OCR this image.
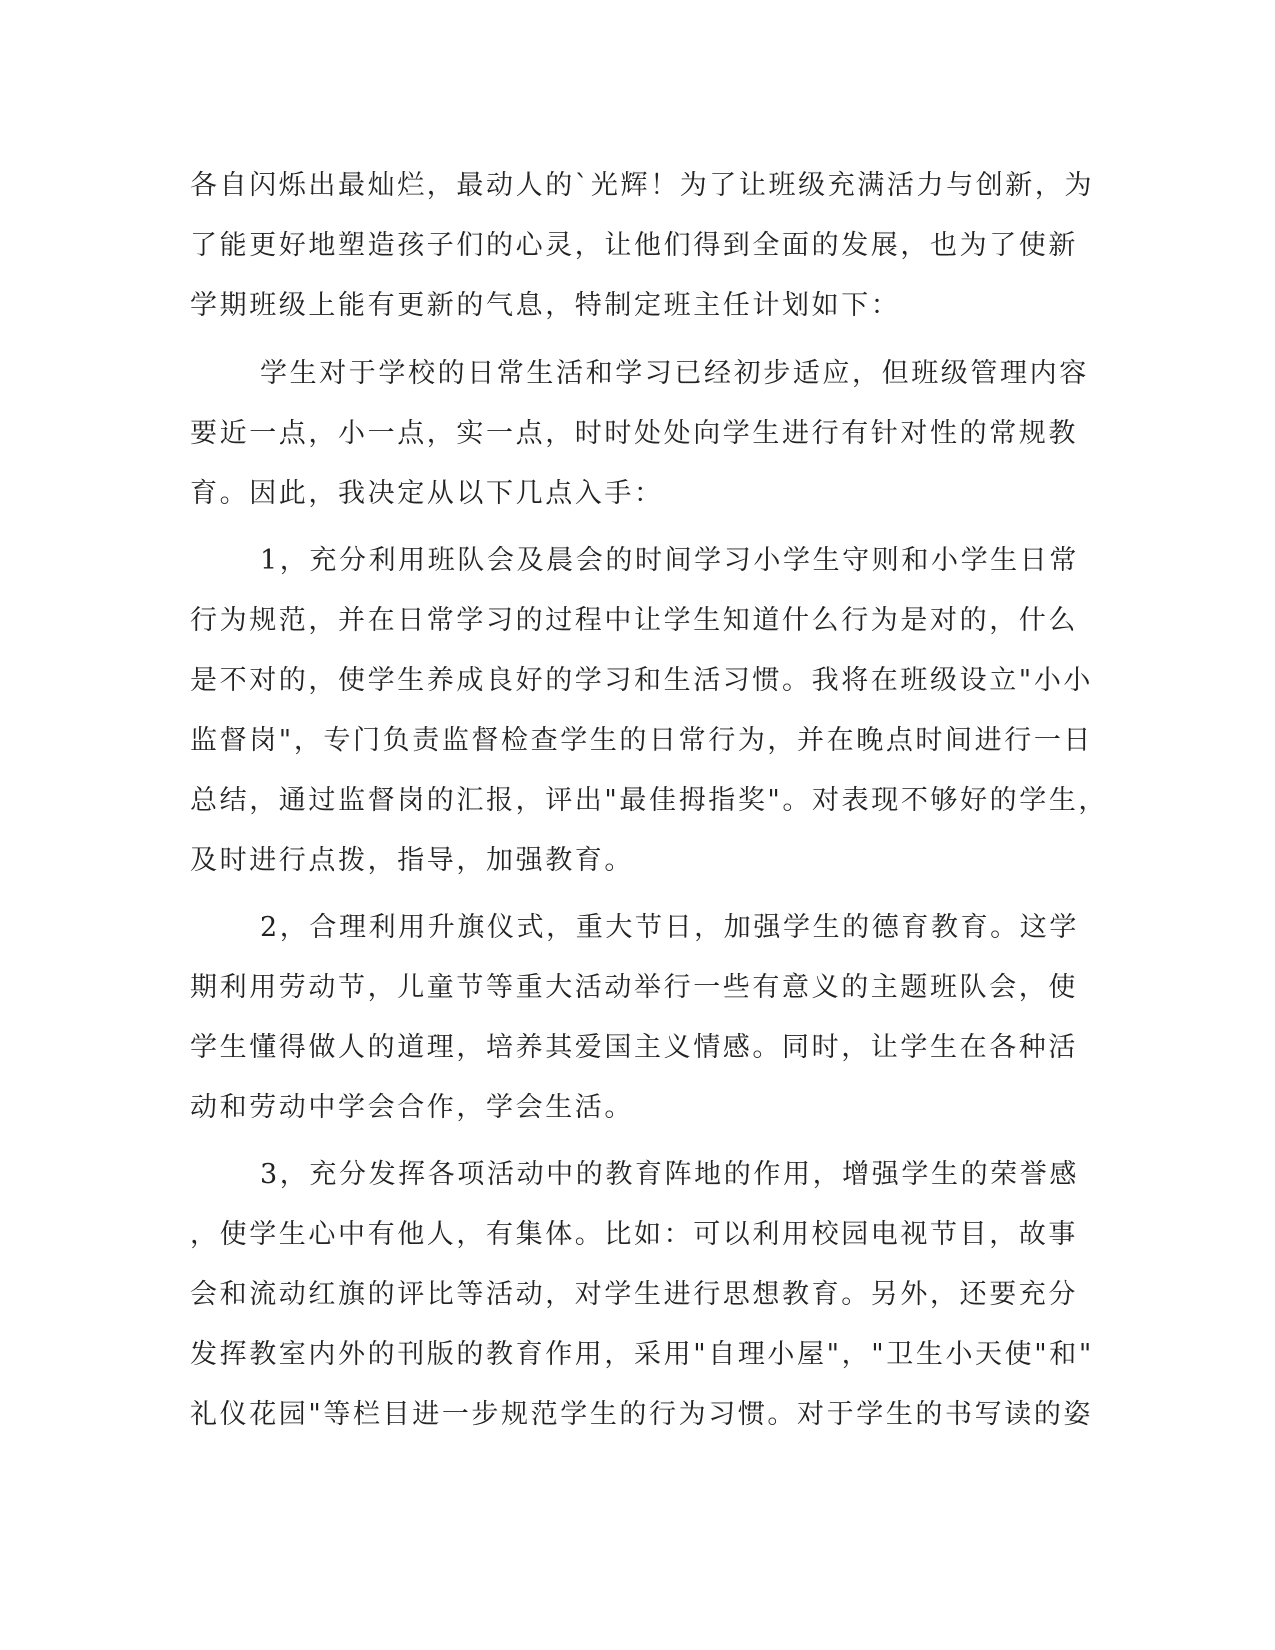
各自闪烁出最灿烂，最动人的`光辉！为了让班级充满活力与创新，为
了能更好地塑造孩子们的心灵，让他们得到全面的发展，也为了使新
学期班级上能有更新的气息，特制定班主任计划如下：
学生对于学校的日常生活和学习已经初步适应，但班级管理内容
要近一点，小一点，实一点，时时处处向学生进行有针对性的常规教
育。因此，我决定从以下几点入手：
1，充分利用班队会及晨会的时间学习小学生守则和小学生日常
行为规范，并在日常学习的过程中让学生知道什么行为是对的，什么
是不对的，使学生养成良好的学习和生活习惯。我将在班级设立"小小
监督岗"，专门负责监督检查学生的日常行为，并在晚点时间进行一日
总结，通过监督岗的汇报，评出"最佳拇指奖"。对表现不够好的学生，
及时进行点拨，指导，加强教育。
2，合理利用升旗仪式，重大节日，加强学生的德育教育。这学
期利用劳动节，儿童节等重大活动举行一些有意义的主题班队会，使
学生懂得做人的道理，培养其爱国主义情感。同时，让学生在各种活
动和劳动中学会合作，学会生活。
3，充分发挥各项活动中的教育阵地的作用，增强学生的荣誉感
，使学生心中有他人，有集体。比如：可以利用校园电视节目，故事
会和流动红旗的评比等活动，对学生进行思想教育。另外，还要充分
发挥教室内外的刊版的教育作用，采用"自理小屋"，"卫生小天使"和"
礼仪花园"等栏目进一步规范学生的行为习惯。对于学生的书写读的姿
